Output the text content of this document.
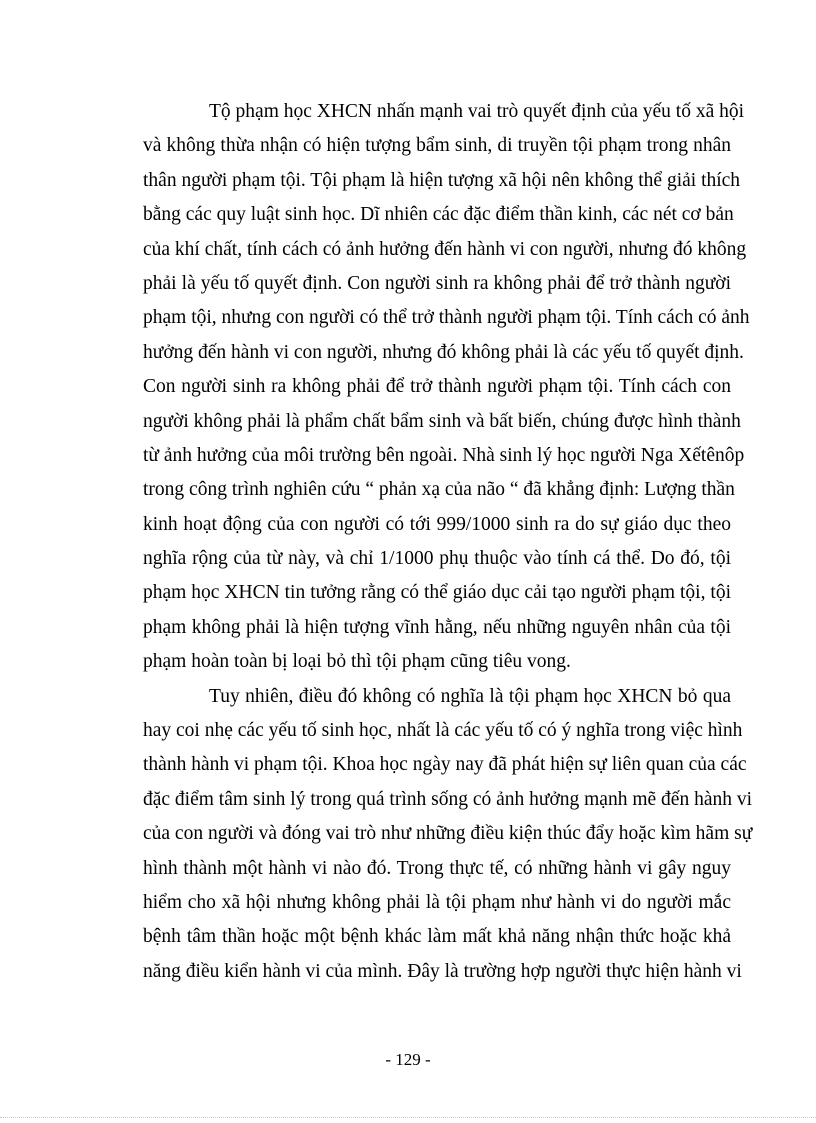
Tộ phạm học XHCN nhấn mạnh vai trò quyết định của yếu tố xã hội
và không thừa nhận có hiện tượng bẩm sinh, di truyền tội phạm trong nhân
thân người phạm tội. Tội phạm là hiện tượng xã hội nên không thể giải thích
bằng các quy luật sinh học. Dĩ nhiên các đặc điểm thần kinh, các nét cơ bản
của khí chất, tính cách có ảnh hưởng đến hành vi con người, nhưng đó không
phải là yếu tố quyết định. Con người sinh ra không phải để trở thành người
phạm tội, nhưng con người có thể trở thành người phạm tội. Tính cách có ảnh
hưởng đến hành vi con người, nhưng đó không phải là các yếu tố quyết định.
Con người sinh ra không phải để trở thành người phạm tội. Tính cách con
người không phải là phẩm chất bẩm sinh và bất biến, chúng được hình thành
từ ảnh hưởng của môi trường bên ngoài. Nhà sinh lý học người Nga Xếtênôp
trong công trình nghiên cứu “ phản xạ của não “ đã khẳng định: Lượng thần
kinh hoạt động của con người có tới 999/1000 sinh ra do sự giáo dục theo
nghĩa rộng của từ này, và chỉ 1/1000 phụ thuộc vào tính cá thể. Do đó, tội
phạm học XHCN tin tưởng rằng có thể giáo dục cải tạo người phạm tội, tội
phạm không phải là hiện tượng vĩnh hằng, nếu những nguyên nhân của tội
phạm hoàn toàn bị loại bỏ thì tội phạm cũng tiêu vong.
Tuy nhiên, điều đó không có nghĩa là tội phạm học XHCN bỏ qua
hay coi nhẹ các yếu tố sinh học, nhất là các yếu tố có ý nghĩa trong việc hình
thành hành vi phạm tội. Khoa học ngày nay đã phát hiện sự liên quan của các
đặc điểm tâm sinh lý trong quá trình sống có ảnh hưởng mạnh mẽ đến hành vi
của con người và đóng vai trò như những điều kiện thúc đẩy hoặc kìm hãm sự
hình thành một hành vi nào đó. Trong thực tế, có những hành vi gây nguy
hiểm cho xã hội nhưng không phải là tội phạm như hành vi do người mắc
bệnh tâm thần hoặc một bệnh khác làm mất khả năng nhận thức hoặc khả
năng điều kiển hành vi của mình. Đây là trường hợp người thực hiện hành vi
- 129 -
